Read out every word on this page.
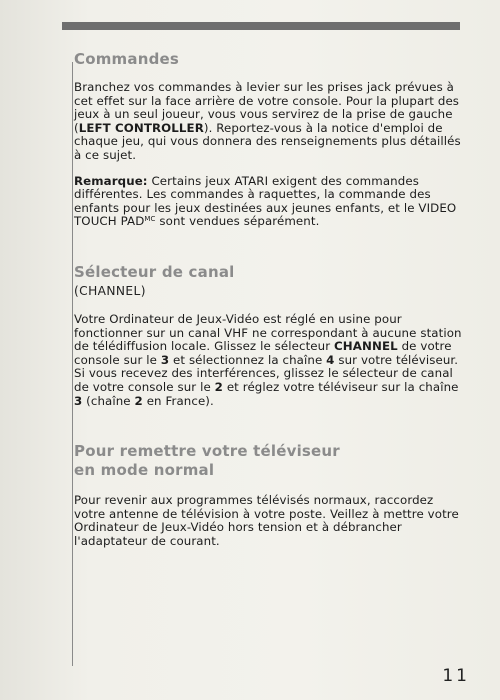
Commandes

Branchez vos commandes à levier sur les prises jack prévues à cet effet sur la face arrière de votre console. Pour la plupart des jeux à un seul joueur, vous vous servirez de la prise de gauche (LEFT CONTROLLER). Reportez-vous à la notice d'emploi de chaque jeu, qui vous donnera des renseignements plus détaillés à ce sujet.

Remarque: Certains jeux ATARI exigent des commandes différentes. Les commandes à raquettes, la commande des enfants pour les jeux destinées aux jeunes enfants, et le VIDEO TOUCH $PAD^{MC}$ sont vendues séparément.

Sélecteur de canal
(CHANNEL)

Votre Ordinateur de Jeux-Vidéo est réglé en usine pour fonctionner sur un canal VHF ne correspondant à aucune station de télédiffusion locale. Glissez le sélecteur CHANNEL de votre console sur le 3 et sélectionnez la chaîne 4 sur votre téléviseur. Si vous recevez des interférences, glissez le sélecteur de canal de votre console sur le 2 et réglez votre téléviseur sur la chaîne 3 (chaîne 2 en France).

Pour remettre votre téléviseur
en mode normal

Pour revenir aux programmes télévisés normaux, raccordez votre antenne de télévision à votre poste. Veillez à mettre votre Ordinateur de Jeux-Vidéo hors tension et à débrancher l'adaptateur de courant.

11
